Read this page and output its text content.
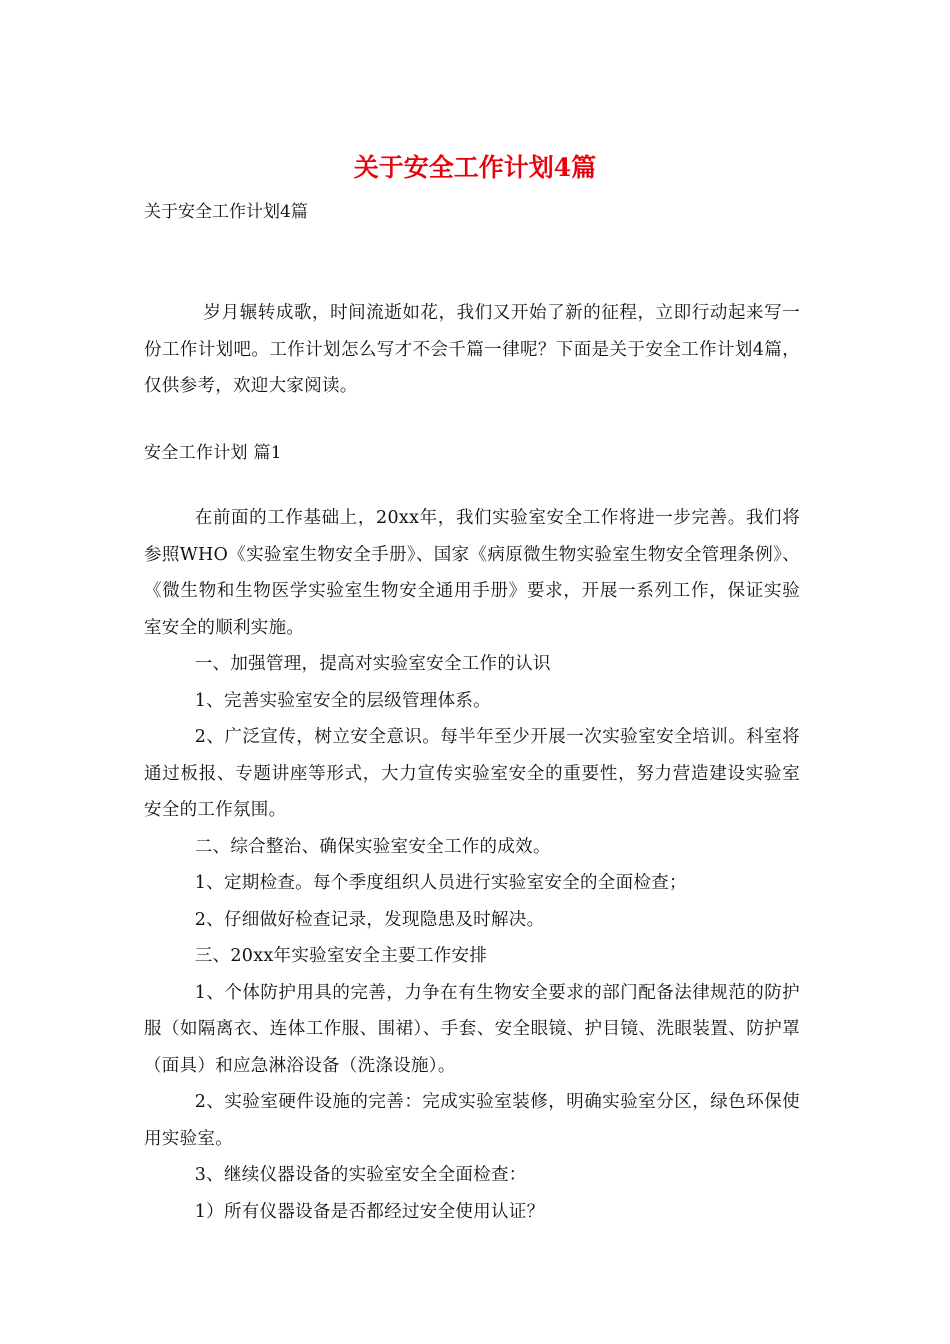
关于安全工作计划4篇
关于安全工作计划4篇

岁月辗转成歌，时间流逝如花，我们又开始了新的征程，立即行动起来写一份工作计划吧。工作计划怎么写才不会千篇一律呢？下面是关于安全工作计划4篇，仅供参考，欢迎大家阅读。

安全工作计划 篇1

在前面的工作基础上，20xx年，我们实验室安全工作将进一步完善。我们将参照WHO《实验室生物安全手册》、国家《病原微生物实验室生物安全管理条例》、《微生物和生物医学实验室生物安全通用手册》要求，开展一系列工作，保证实验室安全的顺利实施。

一、加强管理，提高对实验室安全工作的认识

1、完善实验室安全的层级管理体系。

2、广泛宣传，树立安全意识。每半年至少开展一次实验室安全培训。科室将通过板报、专题讲座等形式，大力宣传实验室安全的重要性，努力营造建设实验室安全的工作氛围。

二、综合整治、确保实验室安全工作的成效。

1、定期检查。每个季度组织人员进行实验室安全的全面检查；

2、仔细做好检查记录，发现隐患及时解决。

三、20xx年实验室安全主要工作安排

1、个体防护用具的完善，力争在有生物安全要求的部门配备法律规范的防护服（如隔离衣、连体工作服、围裙）、手套、安全眼镜、护目镜、洗眼装置、防护罩（面具）和应急淋浴设备（洗涤设施）。

2、实验室硬件设施的完善：完成实验室装修，明确实验室分区，绿色环保使用实验室。

3、继续仪器设备的实验室安全全面检查：

1）所有仪器设备是否都经过安全使用认证？
